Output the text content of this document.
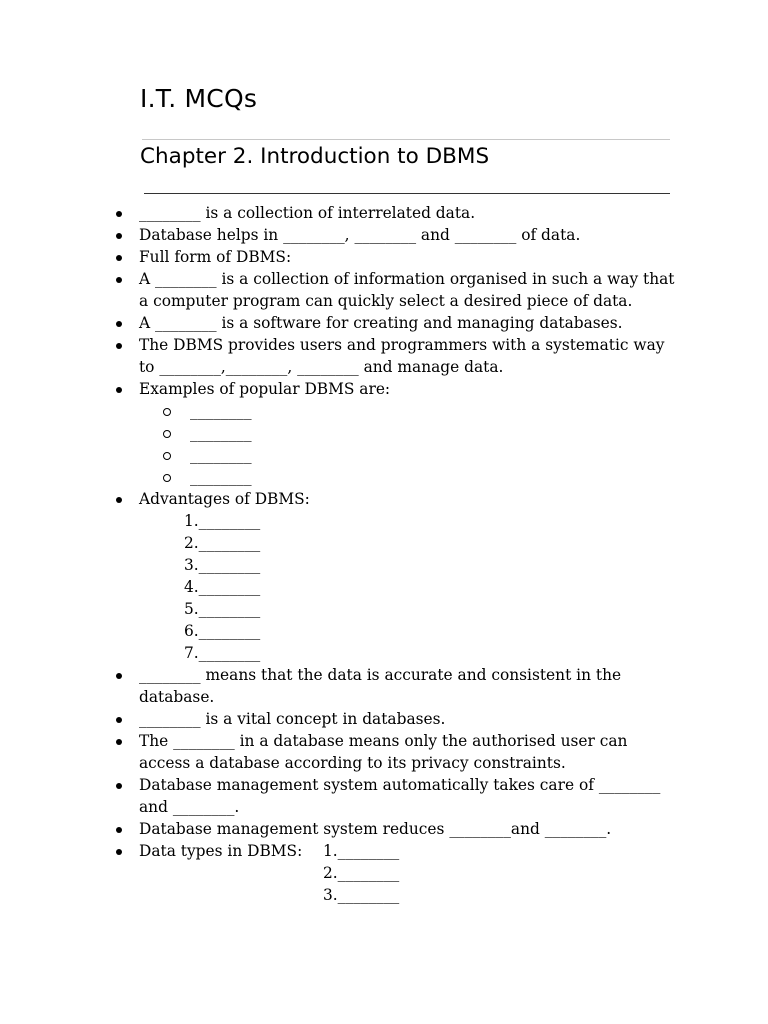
I.T. MCQs
Chapter 2. Introduction to DBMS
________ is a collection of interrelated data.
Database helps in ________, ________ and ________ of data.
Full form of DBMS:
A ________ is a collection of information organised in such a way that a computer program can quickly select a desired piece of data.
A ________ is a software for creating and managing databases.
The DBMS provides users and programmers with a systematic way to ________,________, ________ and manage data.
Examples of popular DBMS are:
________
________
________
________
Advantages of DBMS:
1.________
2.________
3.________
4.________
5.________
6.________
7.________
________ means that the data is accurate and consistent in the database.
________ is a vital concept in databases.
The ________ in a database means only the authorised user can access a database according to its privacy constraints.
Database management system automatically takes care of ________ and ________.
Database management system reduces ________and ________.
Data types in DBMS: 1.________
2.________
3.________
